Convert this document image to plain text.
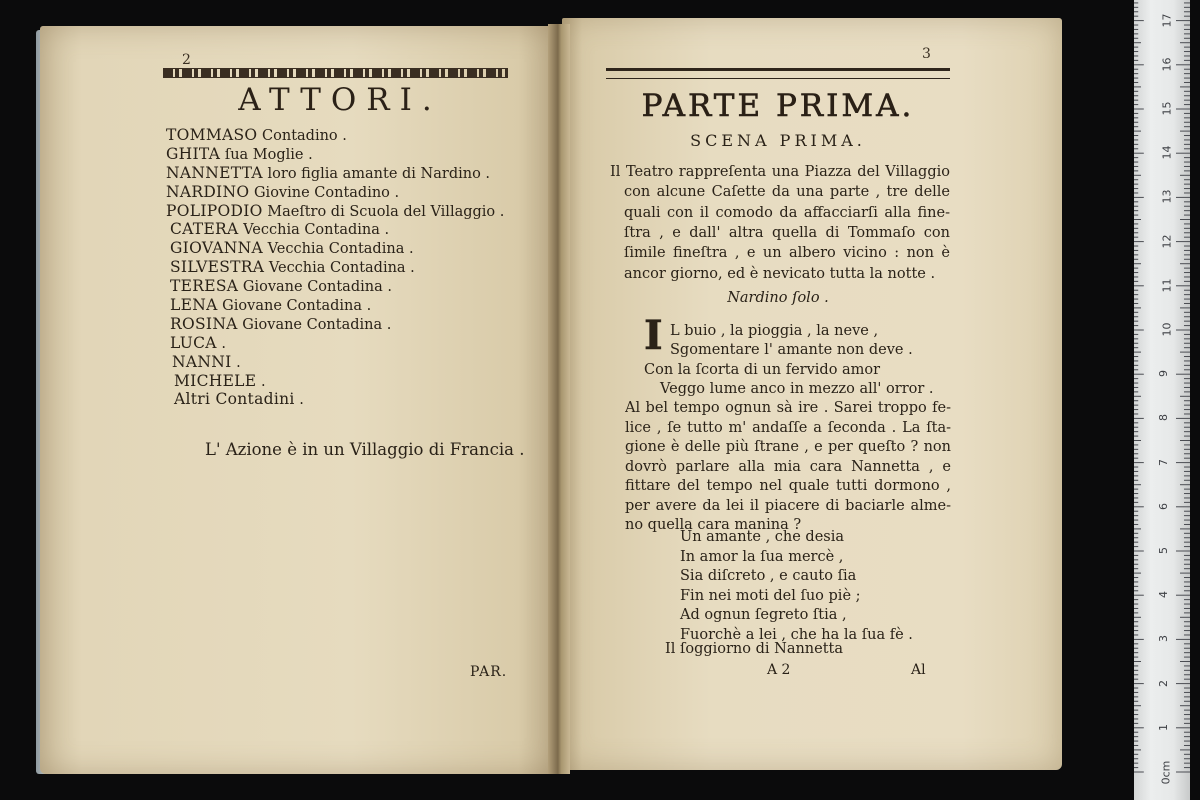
2
ATTORI.
TOMMASO Contadino .
GHITA ſua Moglie .
NANNETTA loro figlia amante di Nardino .
NARDINO Giovine Contadino .
POLIPODIO Maeſtro di Scuola del Villaggio .
CATERA Vecchia Contadina .
GIOVANNA Vecchia Contadina .
SILVESTRA Vecchia Contadina .
TERESA Giovane Contadina .
LENA Giovane Contadina .
ROSINA Giovane Contadina .
LUCA .
NANNI .
MICHELE .
Altri Contadini .
L' Azione è in un Villaggio di Francia .
PAR.
3
PARTE PRIMA.
SCENA PRIMA.
Il Teatro rappreſenta una Piazza del Villaggio
con alcune Caſette da una parte , tre delle
quali con il comodo da affacciarſi alla fine-
ſtra , e dall' altra quella di Tommaſo con
ſimile fineſtra , e un albero vicino : non è
ancor giorno, ed è nevicato tutta la notte .
Nardino ſolo .
I L buio , la pioggia , la neve ,
Sgomentare l' amante non deve .
Con la ſcorta di un fervido amor
Veggo lume anco in mezzo all' orror .
Al bel tempo ognun sà ire . Sarei troppo fe-
lice , ſe tutto m' andaſſe a ſeconda . La ſta-
gione è delle più ſtrane , e per queſto ? non
dovrò parlare alla mia cara Nannetta , e
fittare del tempo nel quale tutti dormono ,
per avere da lei il piacere di baciarle alme-
no quella cara manina ?
Un amante , che desia
In amor la ſua mercè ,
Sia diſcreto , e cauto ſia
Fin nei moti del ſuo piè ;
Ad ognun ſegreto ſtia ,
Fuorchè a lei , che ha la ſua fè .
Il ſoggiorno di Nannetta
A 2	Al
1
2
3
4
5
6
7
8
9
10
11
12
13
14
15
16
17
0cm
